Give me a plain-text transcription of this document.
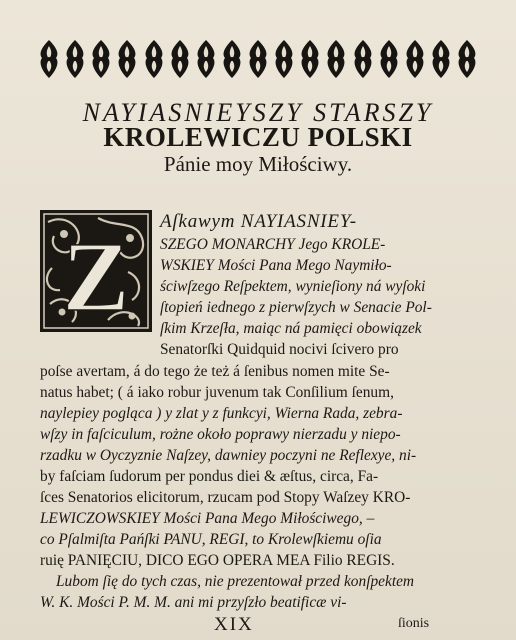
NAYIASNIEYSZY STARSZY
KROLEWICZU POLSKI
Pánie moy Miłościwy.
Z Aſkawym NAYIASNIEY-
SZEGO MONARCHY Jego KROLE-
WSKIEY Mości Pana Mego Naymiło-
ściwſzego Reſpektem, wynieſiony ná wyſoki
ſtopień iednego z pierwſzych w Senacie Pol-
ſkim Krzeſła, maiąc ná pamięci obowiązek
Senatorſki Quidquid nocivi ſcivero pro
poſse avertam, á do tego że też á ſenibus nomen mite Se-
natus habet; ( á iako robur juvenum tak Conſilium ſenum,
naylepiey pogląca ) y zlat y z funkcyi, Wierna Rada, zebra-
wſzy in faſciculum, rożne około poprawy nierzadu y niepo-
rzadku w Oyczyznie Naſzey, dawniey poczyni ne Reflexye, ni-
by faſciam ſudorum per pondus diei & æſtus, circa, Fa-
ſces Senatorios elicitorum, rzucam pod Stopy Waſzey KRO-
LEWICZOWSKIEY Mości Pana Mego Miłościwego, –
co Pſalmiſta Pańſki PANU, REGI, to Krolewſkiemu oſia
ruię PANIĘCIU, DICO EGO OPERA MEA Filio REGIS.
Lubom ſię do tych czas, nie prezentował przed konſpektem
W. K. Mości P. M. M. ani mi przyſzło beatificæ vi-
XIX	ſionis
